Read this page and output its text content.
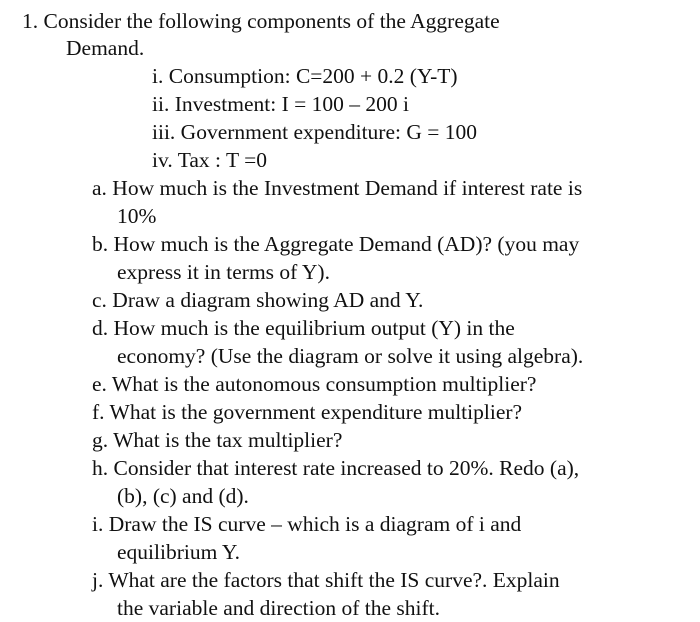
1. Consider the following components of the Aggregate
Demand.
i. Consumption: C=200 + 0.2 (Y-T)
ii. Investment: I = 100 – 200 i
iii. Government expenditure: G = 100
iv. Tax : T =0
a. How much is the Investment Demand if interest rate is
10%
b. How much is the Aggregate Demand (AD)? (you may
express it in terms of Y).
c. Draw a diagram showing AD and Y.
d. How much is the equilibrium output (Y) in the
economy? (Use the diagram or solve it using algebra).
e. What is the autonomous consumption multiplier?
f. What is the government expenditure multiplier?
g. What is the tax multiplier?
h. Consider that interest rate increased to 20%. Redo (a),
(b), (c) and (d).
i. Draw the IS curve – which is a diagram of i and
equilibrium Y.
j. What are the factors that shift the IS curve?. Explain
the variable and direction of the shift.
